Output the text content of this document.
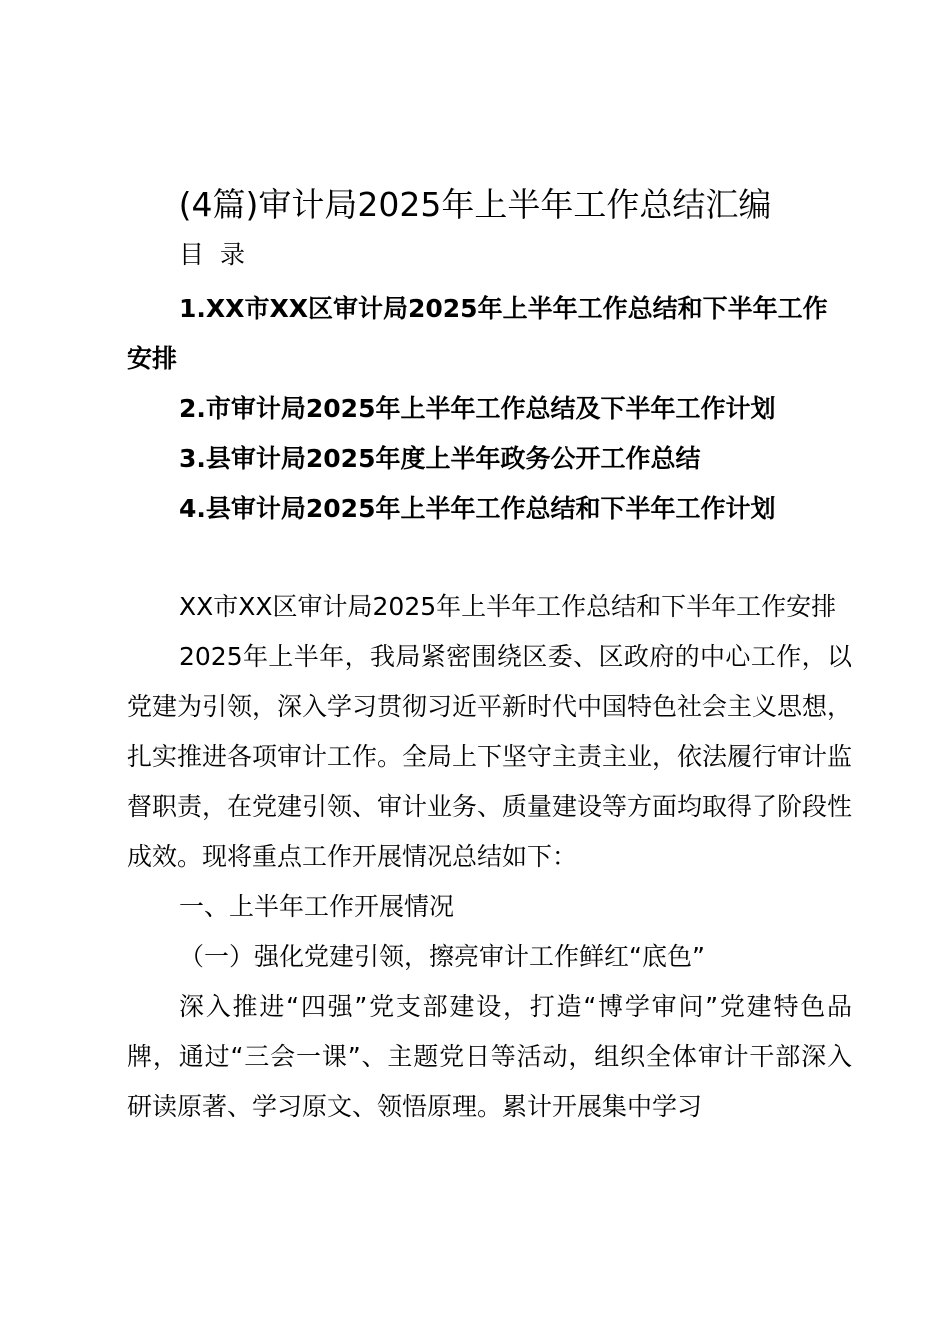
(4篇)审计局2025年上半年工作总结汇编
目 录
1.XX市XX区审计局2025年上半年工作总结和下半年工作安排
2.市审计局2025年上半年工作总结及下半年工作计划
3.县审计局2025年度上半年政务公开工作总结
4.县审计局2025年上半年工作总结和下半年工作计划

XX市XX区审计局2025年上半年工作总结和下半年工作安排

2025年上半年，我局紧密围绕区委、区政府的中心工作，以党建为引领，深入学习贯彻习近平新时代中国特色社会主义思想，扎实推进各项审计工作。全局上下坚守主责主业，依法履行审计监督职责，在党建引领、审计业务、质量建设等方面均取得了阶段性成效。现将重点工作开展情况总结如下：

一、上半年工作开展情况

（一）强化党建引领，擦亮审计工作鲜红“底色”

深入推进“四强”党支部建设，打造“博学审问”党建特色品牌，通过“三会一课”、主题党日等活动，组织全体审计干部深入研读原著、学习原文、领悟原理。累计开展集中学习
